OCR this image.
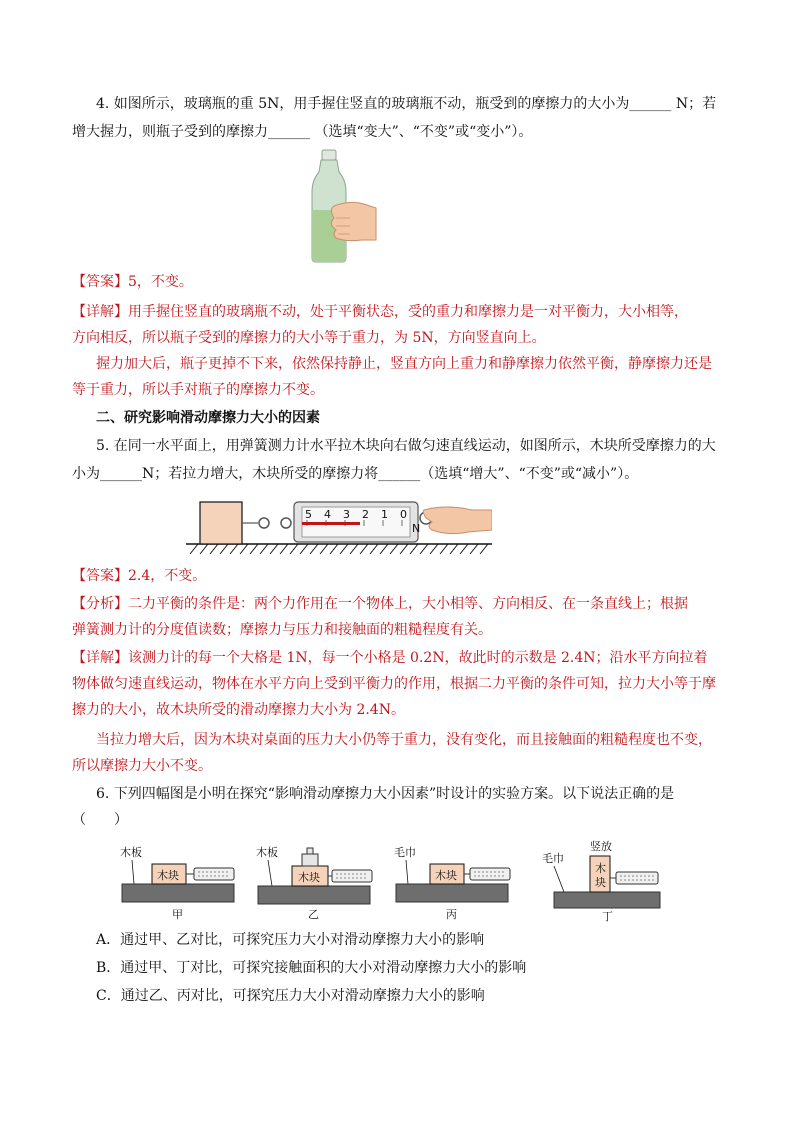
4. 如图所示，玻璃瓶的重 5N，用手握住竖直的玻璃瓶不动，瓶受到的摩擦力的大小为______ N；若
增大握力，则瓶子受到的摩擦力______ （选填“变大”、“不变”或“变小”）。
【答案】5，不变。
【详解】用手握住竖直的玻璃瓶不动，处于平衡状态，受的重力和摩擦力是一对平衡力，大小相等，
方向相反，所以瓶子受到的摩擦力的大小等于重力，为 5N，方向竖直向上。
握力加大后，瓶子更掉不下来，依然保持静止，竖直方向上重力和静摩擦力依然平衡，静摩擦力还是
等于重力，所以手对瓶子的摩擦力不变。
二、研究影响滑动摩擦力大小的因素
5. 在同一水平面上，用弹簧测力计水平拉木块向右做匀速直线运动，如图所示，木块所受摩擦力的大
小为______N；若拉力增大，木块所受的摩擦力将______（选填“增大”、“不变”或“减小”）。
5 4 3 2 1 0
N
【答案】2.4，不变。
【分析】二力平衡的条件是：两个力作用在一个物体上，大小相等、方向相反、在一条直线上；根据
弹簧测力计的分度值读数；摩擦力与压力和接触面的粗糙程度有关。
【详解】该测力计的每一个大格是 1N，每一个小格是 0.2N，故此时的示数是 2.4N；沿水平方向拉着
物体做匀速直线运动，物体在水平方向上受到平衡力的作用，根据二力平衡的条件可知，拉力大小等于摩
擦力的大小，故木块所受的滑动摩擦力大小为 2.4N。
当拉力增大后，因为木块对桌面的压力大小仍等于重力，没有变化，而且接触面的粗糙程度也不变，
所以摩擦力大小不变。
6. 下列四幅图是小明在探究“影响滑动摩擦力大小因素”时设计的实验方案。以下说法正确的是
（　　）
木板
木块
甲
木板
木块
乙
毛巾
木块
丙
竖放
毛巾
木
块
丁
A．通过甲、乙对比，可探究压力大小对滑动摩擦力大小的影响
B．通过甲、丁对比，可探究接触面积的大小对滑动摩擦力大小的影响
C．通过乙、丙对比，可探究压力大小对滑动摩擦力大小的影响
